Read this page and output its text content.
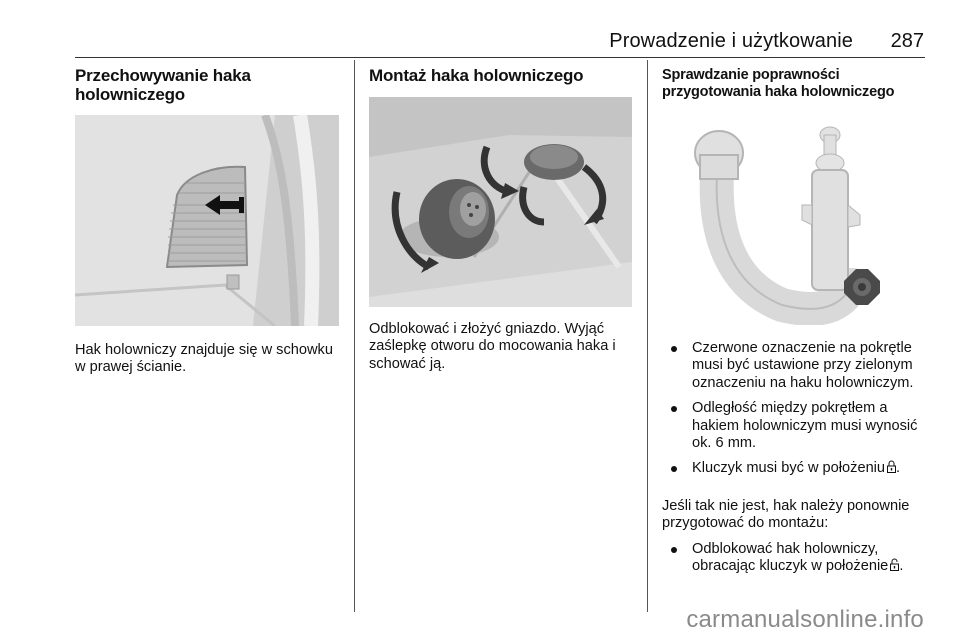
Prowadzenie i użytkowanie 287
Przechowywanie haka holowniczego

Hak holowniczy znajduje się w schowku w prawej ścianie.

Montaż haka holowniczego

Odblokować i złożyć gniazdo. Wyjąć zaślepkę otworu do mocowania haka i schować ją.

Sprawdzanie poprawności przygotowania haka holowniczego
Czerwone oznaczenie na pokrętle musi być ustawione przy zielonym oznaczeniu na haku holowniczym.
Odległość między pokrętłem a hakiem holowniczym musi wynosić ok. 6 mm.
Kluczyk musi być w położeniu .

Jeśli tak nie jest, hak należy ponownie przygotować do montażu:

Odblokować hak holowniczy, obracając kluczyk w położenie .
carmanualsonline.info
